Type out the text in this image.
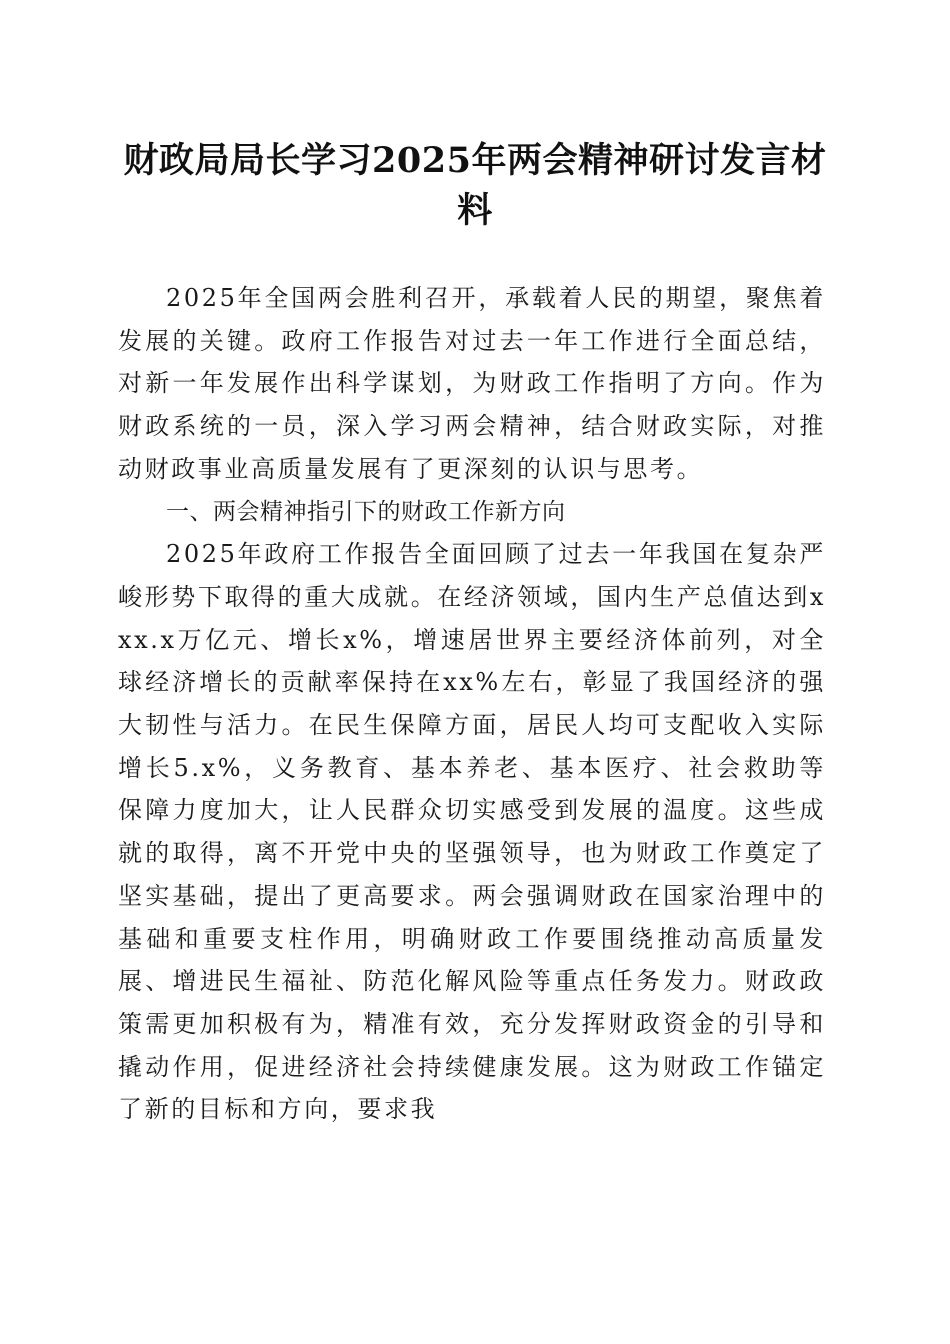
财政局局长学习2025年两会精神研讨发言材料

2025年全国两会胜利召开，承载着人民的期望，聚焦着发展的关键。政府工作报告对过去一年工作进行全面总结，对新一年发展作出科学谋划，为财政工作指明了方向。作为财政系统的一员，深入学习两会精神，结合财政实际，对推动财政事业高质量发展有了更深刻的认识与思考。

一、两会精神指引下的财政工作新方向

2025年政府工作报告全面回顾了过去一年我国在复杂严峻形势下取得的重大成就。在经济领域，国内生产总值达到xxx.x万亿元、增长x%，增速居世界主要经济体前列，对全球经济增长的贡献率保持在xx%左右，彰显了我国经济的强大韧性与活力。在民生保障方面，居民人均可支配收入实际增长5.x%，义务教育、基本养老、基本医疗、社会救助等保障力度加大，让人民群众切实感受到发展的温度。这些成就的取得，离不开党中央的坚强领导，也为财政工作奠定了坚实基础，提出了更高要求。两会强调财政在国家治理中的基础和重要支柱作用，明确财政工作要围绕推动高质量发展、增进民生福祉、防范化解风险等重点任务发力。财政政策需更加积极有为，精准有效，充分发挥财政资金的引导和撬动作用，促进经济社会持续健康发展。这为财政工作锚定了新的目标和方向，要求我
